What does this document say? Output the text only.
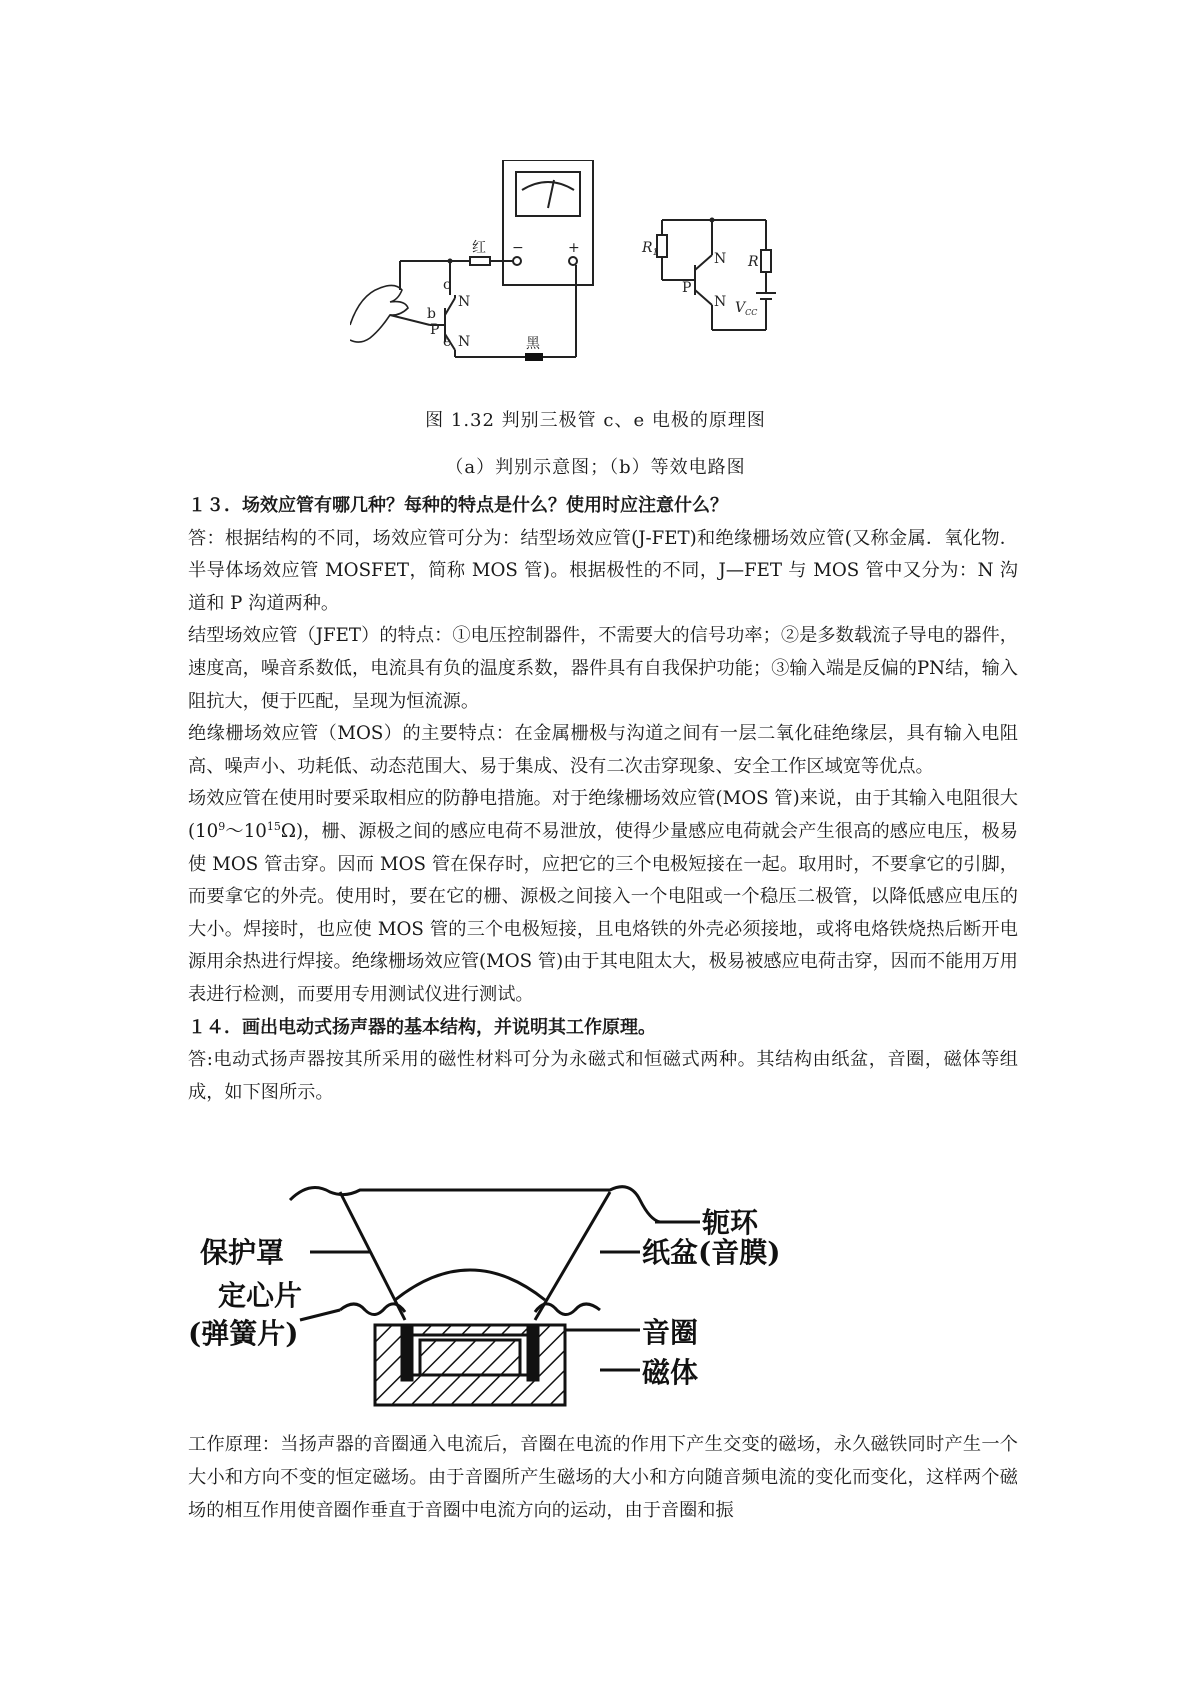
红
黑
−	+
c
b
e
N
P
N
$R_1$
R
N
P
N $V_{CC}$
图 1.32 判别三极管 c、e 电极的原理图
（a）判别示意图；（b）等效电路图

１３．场效应管有哪几种？每种的特点是什么？使用时应注意什么？

答：根据结构的不同，场效应管可分为：结型场效应管(J-FET)和绝缘栅场效应管(又称金属．氧化物．半导体场效应管 MOSFET，简称 MOS 管)。根据极性的不同，J—FET 与 MOS 管中又分为：N 沟道和 P 沟道两种。

结型场效应管（JFET）的特点：①电压控制器件，不需要大的信号功率；②是多数载流子导电的器件，速度高，噪音系数低，电流具有负的温度系数，器件具有自我保护功能；③输入端是反偏的PN结，输入阻抗大，便于匹配，呈现为恒流源。

绝缘栅场效应管（MOS）的主要特点：在金属栅极与沟道之间有一层二氧化硅绝缘层，具有输入电阻高、噪声小、功耗低、动态范围大、易于集成、没有二次击穿现象、安全工作区域宽等优点。

场效应管在使用时要采取相应的防静电措施。对于绝缘栅场效应管(MOS 管)来说，由于其输入电阻很大$(10^9\sim 10^{15}\Omega)$，栅、源极之间的感应电荷不易泄放，使得少量感应电荷就会产生很高的感应电压，极易使 MOS 管击穿。因而 MOS 管在保存时，应把它的三个电极短接在一起。取用时，不要拿它的引脚，而要拿它的外壳。使用时，要在它的栅、源极之间接入一个电阻或一个稳压二极管，以降低感应电压的大小。焊接时，也应使 MOS 管的三个电极短接，且电烙铁的外壳必须接地，或将电烙铁烧热后断开电源用余热进行焊接。绝缘栅场效应管(MOS 管)由于其电阻太大，极易被感应电荷击穿，因而不能用万用表进行检测，而要用专用测试仪进行测试。

１４．画出电动式扬声器的基本结构，并说明其工作原理。

答:电动式扬声器按其所采用的磁性材料可分为永磁式和恒磁式两种。其结构由纸盆，音圈，磁体等组成，如下图所示。

轭环
纸盆(音膜)
保护罩
定心片
(弹簧片)	音圈
磁体

工作原理：当扬声器的音圈通入电流后，音圈在电流的作用下产生交变的磁场，永久磁铁同时产生一个大小和方向不变的恒定磁场。由于音圈所产生磁场的大小和方向随音频电流的变化而变化，这样两个磁场的相互作用使音圈作垂直于音圈中电流方向的运动，由于音圈和振
